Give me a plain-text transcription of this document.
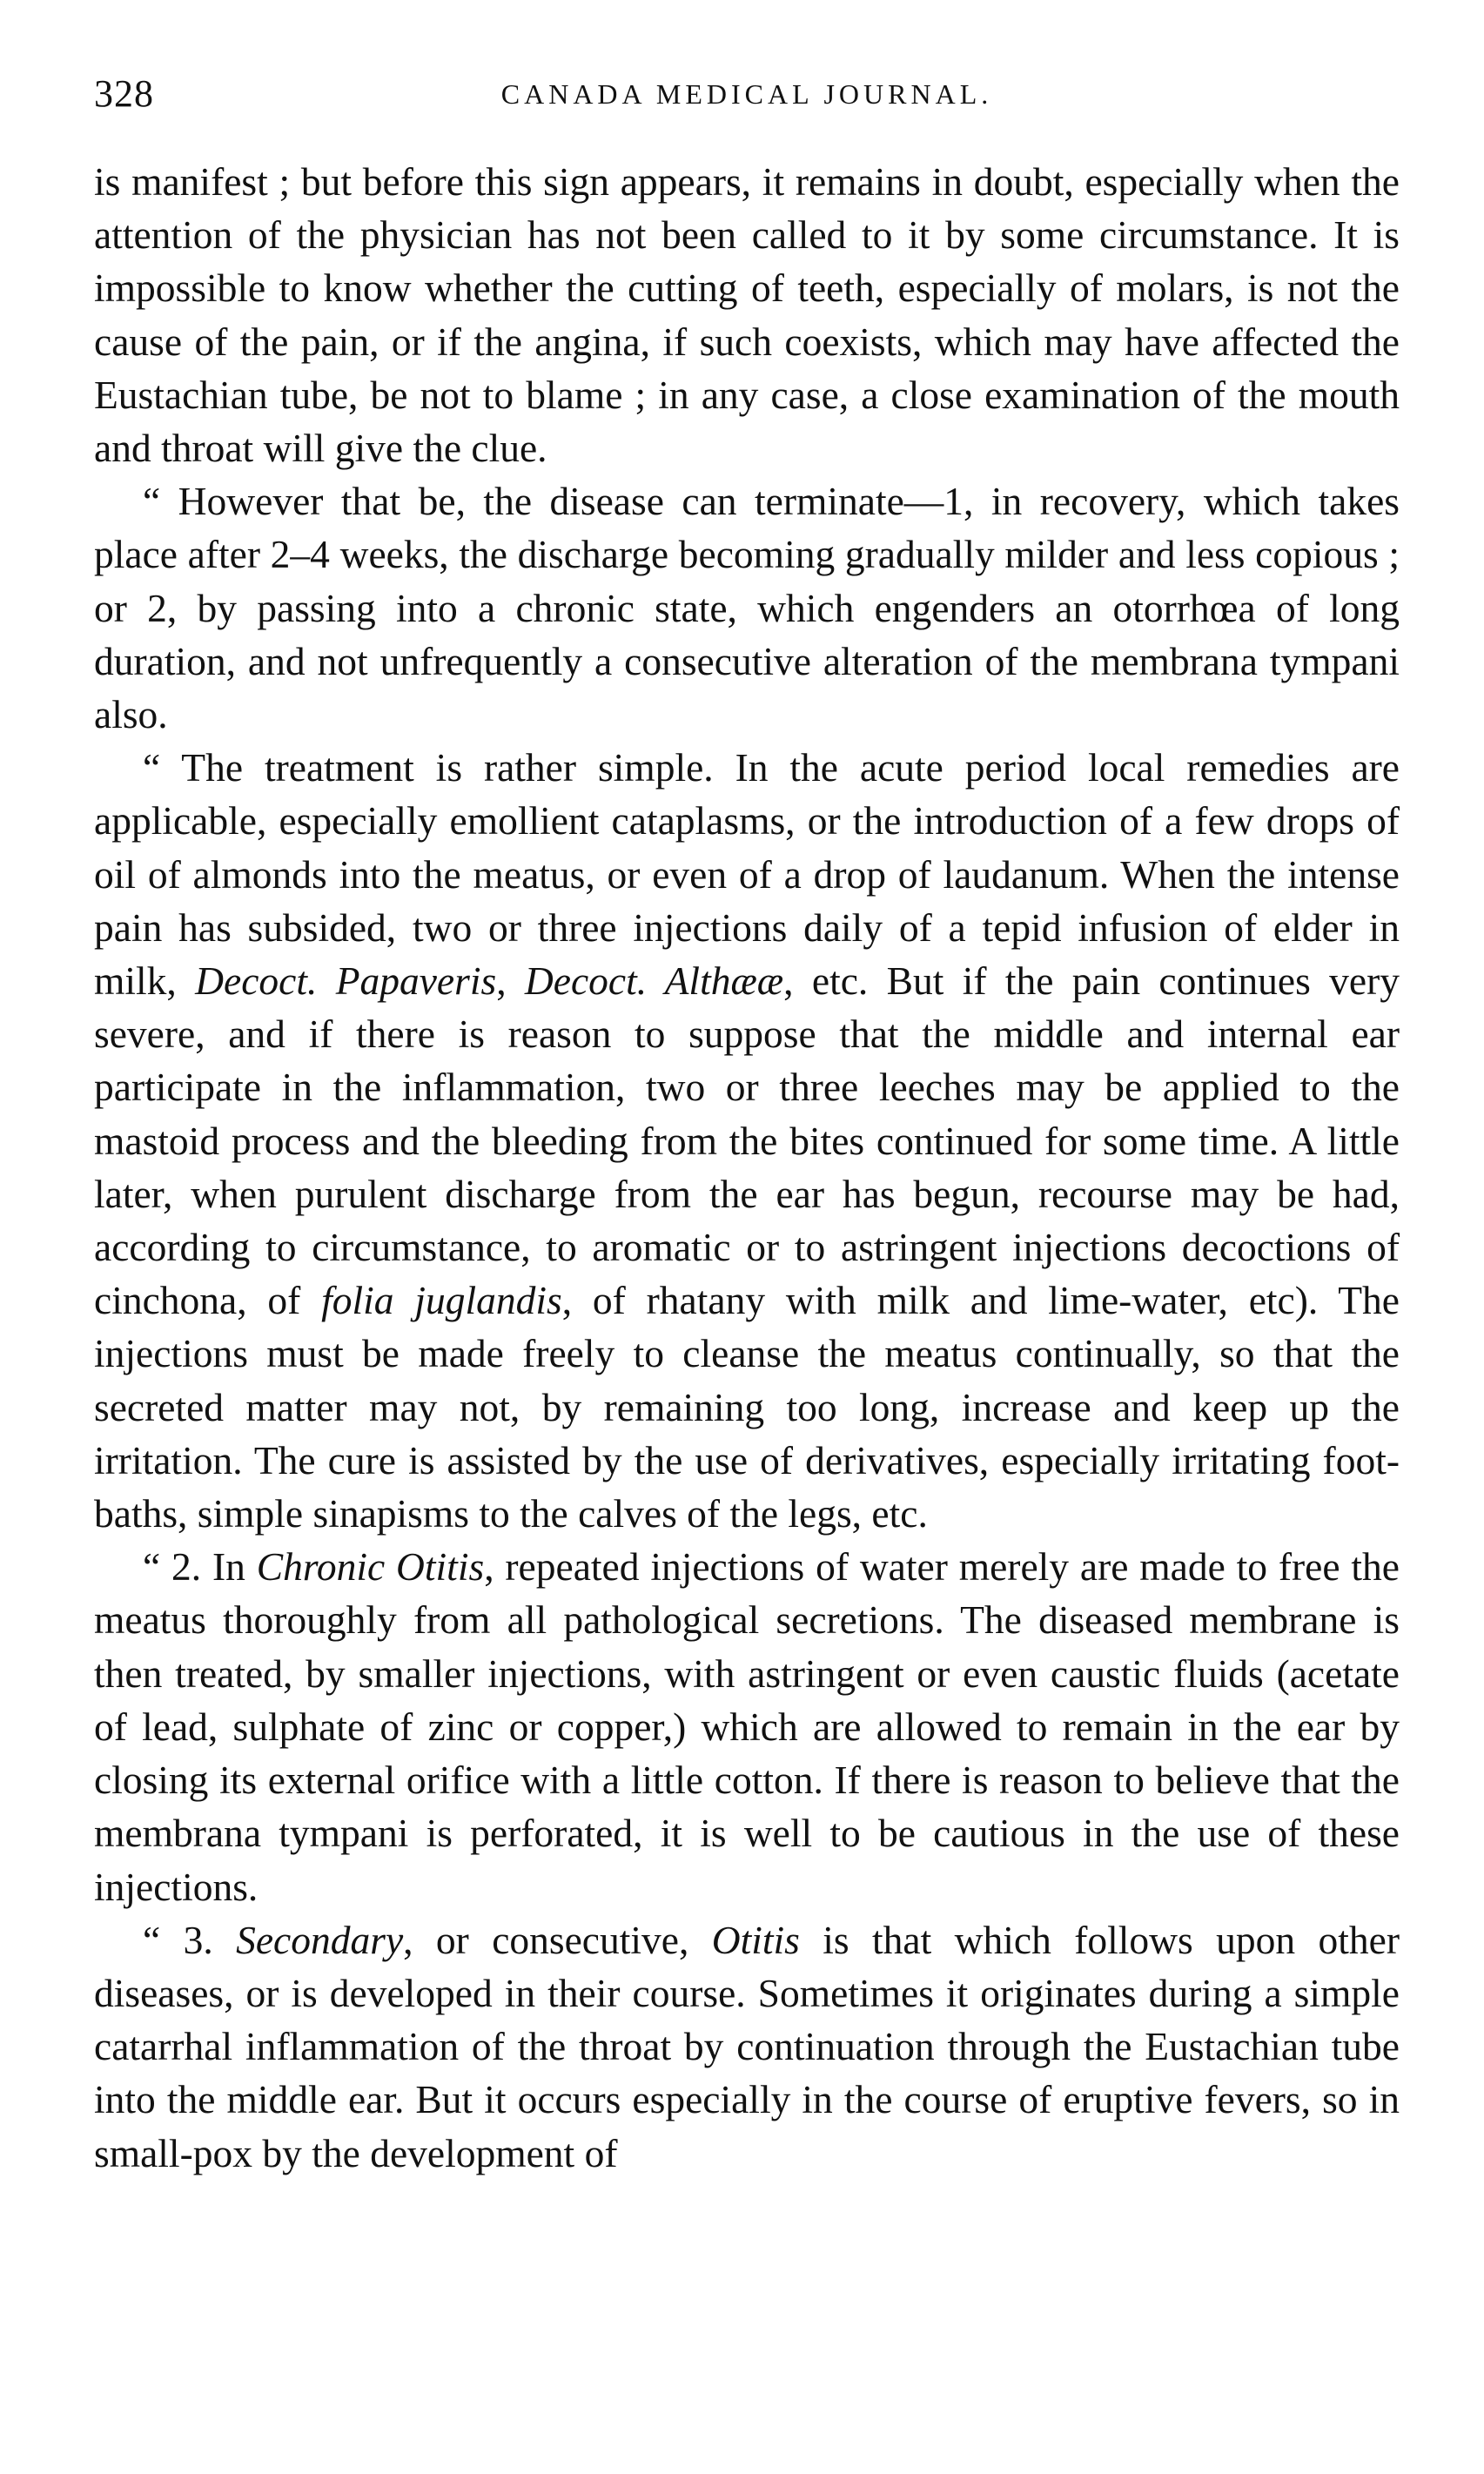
328	CANADA MEDICAL JOURNAL.

is manifest ; but before this sign appears, it remains in doubt, especially when the attention of the physician has not been called to it by some circumstance. It is impossible to know whether the cutting of teeth, especially of molars, is not the cause of the pain, or if the angina, if such coexists, which may have affected the Eustachian tube, be not to blame ; in any case, a close examination of the mouth and throat will give the clue.

“ However that be, the disease can terminate—1, in recovery, which takes place after 2–4 weeks, the discharge becoming gradually milder and less copious ; or 2, by passing into a chronic state, which engenders an otorrhœa of long duration, and not unfrequently a consecutive alteration of the membrana tympani also.

“ The treatment is rather simple. In the acute period local remedies are applicable, especially emollient cataplasms, or the introduction of a few drops of oil of almonds into the meatus, or even of a drop of laudanum. When the intense pain has subsided, two or three injections daily of a tepid infusion of elder in milk, Decoct. Papaveris, Decoct. Althææ, etc. But if the pain continues very severe, and if there is reason to suppose that the middle and internal ear participate in the inflammation, two or three leeches may be applied to the mastoid process and the bleeding from the bites continued for some time. A little later, when purulent discharge from the ear has begun, recourse may be had, according to circumstance, to aromatic or to astringent injections decoctions of cinchona, of folia juglandis, of rhatany with milk and lime-water, etc). The injections must be made freely to cleanse the meatus continually, so that the secreted matter may not, by remaining too long, increase and keep up the irritation. The cure is assisted by the use of derivatives, especially irritating foot-baths, simple sinapisms to the calves of the legs, etc.

“ 2. In Chronic Otitis, repeated injections of water merely are made to free the meatus thoroughly from all pathological secretions. The diseased membrane is then treated, by smaller injections, with astringent or even caustic fluids (acetate of lead, sulphate of zinc or copper,) which are allowed to remain in the ear by closing its external orifice with a little cotton. If there is reason to believe that the membrana tympani is perforated, it is well to be cautious in the use of these injections.

“ 3. Secondary, or consecutive, Otitis is that which follows upon other diseases, or is developed in their course. Sometimes it originates during a simple catarrhal inflammation of the throat by continuation through the Eustachian tube into the middle ear. But it occurs especially in the course of eruptive fevers, so in small-pox by the development of
